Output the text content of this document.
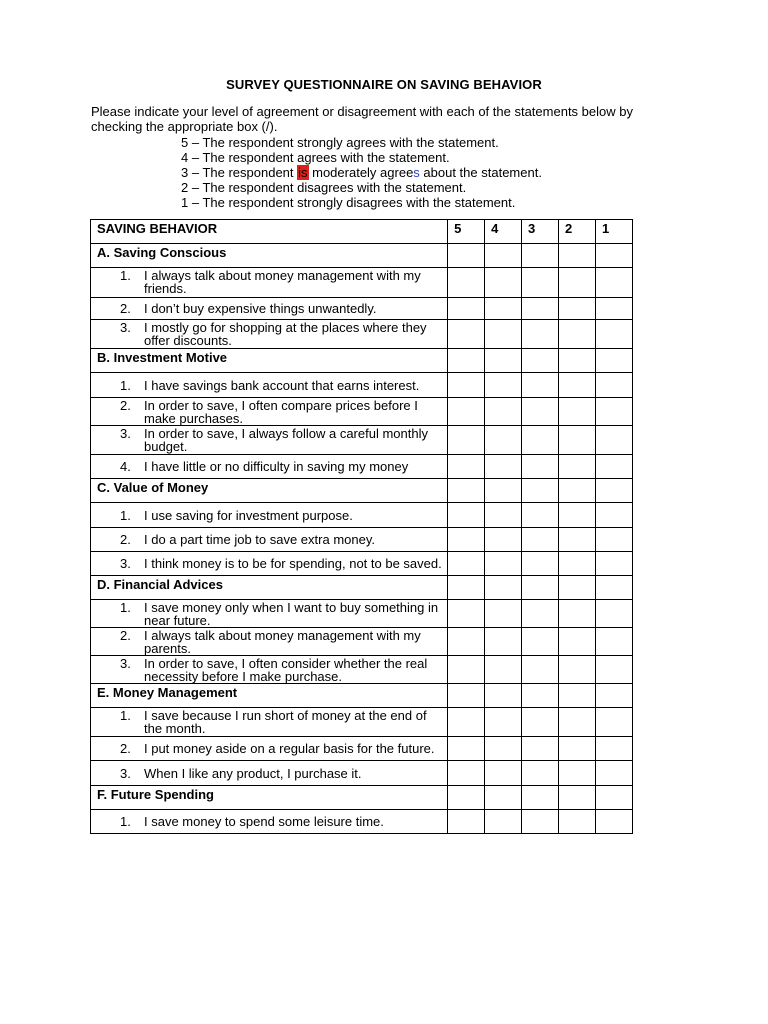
SURVEY QUESTIONNAIRE ON SAVING BEHAVIOR
Please indicate your level of agreement or disagreement with each of the statements below by checking the appropriate box (/).
5 – The respondent strongly agrees with the statement.
4 – The respondent agrees with the statement.
3 – The respondent is moderately agrees about the statement.
2 – The respondent disagrees with the statement.
1 – The respondent strongly disagrees with the statement.
SAVING BEHAVIOR	5	4	3	2	1

A. Saving Conscious					

1. I always talk about money management with my friends.					

2. I don’t buy expensive things unwantedly.					

3. I mostly go for shopping at the places where they offer discounts.					

B. Investment Motive					

1. I have savings bank account that earns interest.					

2. In order to save, I often compare prices before I make purchases.					

3. In order to save, I always follow a careful monthly budget.					

4. I have little or no difficulty in saving my money					

C. Value of Money					

1. I use saving for investment purpose.					

2. I do a part time job to save extra money.					

3. I think money is to be for spending, not to be saved.					

D. Financial Advices					

1. I save money only when I want to buy something in near future.					

2. I always talk about money management with my parents.					

3. In order to save, I often consider whether the real necessity before I make purchase.					

E. Money Management					

1. I save because I run short of money at the end of the month.					

2. I put money aside on a regular basis for the future.					

3. When I like any product, I purchase it.					

F. Future Spending					

1. I save money to spend some leisure time.					
